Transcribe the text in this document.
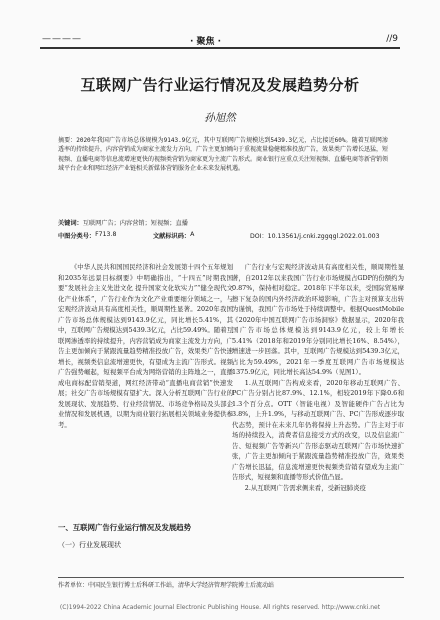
————	· 聚焦 ·	//9
互联网广告行业运行情况及发展趋势分析
孙旭然
摘要：2020年我国广告市场总体规模为9143.9亿元，其中互联网广告规模达到5439.3亿元，占比接近60%。随着互联网渗透率的持续提升，内容营销成为商家主流发力方向，广告主更加倾向于重视流量稳健精准投放广告，效果类广告增长迅猛，短视频、直播电商等信息流增速更快的视频类营销为商家更为主流广告形式。商业银行应重点关注短视频、直播电商等新营销领域平台企业和网红经济产业链相关新媒体营销服务企业未来发展机遇。
关键词：互联网广告；内容营销；短视频；直播
中图分类号： F713.8	文献标识码： A	DOI：10.13561/j.cnki.zggqgl.2022.01.003

《中华人民共和国国民经济和社会发展第十四个五年规划和2035年远景目标纲要》中明确指出，“十四五”时期我国要“发展社会主义先进文化 提升国家文化软实力”“健全现代文化产业体系”，广告行业作为文化产业重要细分领域之一，与宏观经济波动具有高度相关性，顺周期性显著。2020年我国广告市场总体规模达到9143.9亿元，同比增长5.41%，其中，互联网广告规模达到5439.3亿元，占比59.49%。随着互联网渗透率的持续提升，内容营销成为商家主流发力方向，广告主更加倾向于紧跟流量趋势精准投放广告，效果类广告快速增长，视频类信息流增速更快，有望成为主流广告形式。视频广告强势崛起，短视频平台成为网络营销的主阵地之一，直播成电商标配营销渠道，网红经济带动“直播电商营销”快速发展；社交广告市场规模有望扩大。深入分析互联网广告行业的发展现状、发展趋势、行业经营情况、市场竞争格局及头部企业情况和发展机遇，以期为商业银行拓展相关领域业务提供参考。

广告行业与宏观经济波动具有高度相关性，顺周期性显著，自2012年以来我国广告行业市场规模占GDP的份额约为0.87%，保持相对稳定。2018年下半年以来，受国际贸易摩擦下复杂的国内外经济政治环境影响，广告主对预算支出转为谨慎，我国广告市场处于持续调整中。根据QuestMobile《2020年中国互联网广告市场洞察》数据显示，2020年我国广告市场总体规模达到9143.9亿元，较上年增长5.41%（2018年和2019年分别同比增长16%、8.54%），增速进一步回落。其中，互联网广告规模达到5439.3亿元，占比为59.49%，2021年一季度互联网广告市场规模达1375.9亿元，同比增长高达54.9%（见图1）。

1.从互联网广告构成来看，2020年移动互联网广告、PC广告分别占比87.9%、12.1%，相较2019年下降0.6和1.3个百分点。OTT（智能电视）及智能硬件广告占比为3.8%，上升1.9%，与移动互联网广告、PC广告形成逐步取代态势，预计在未来几年仍将保持上升态势。广告主对于市场的持续投入，消费者信息接受方式的改变，以及信息流广告、短视频广告等新兴广告形态驱动互联网广告市场快速扩张，广告主更加倾向于紧跟流量趋势精准投放广告，效果类广告增长迅猛，信息流增速更快视频类营销有望成为主流广告形式，短视频和直播等形式价值凸显。

2.从互联网广告需求侧来看，受新冠肺炎疫

一、互联网广告行业运行情况及发展趋势
（一）行业发展现状
作者单位：中国民生银行博士后科研工作站，清华大学经济管理学院博士后流动站
(C)1994-2022 China Academic Journal Electronic Publishing House. All rights reserved. http://www.cnki.net
